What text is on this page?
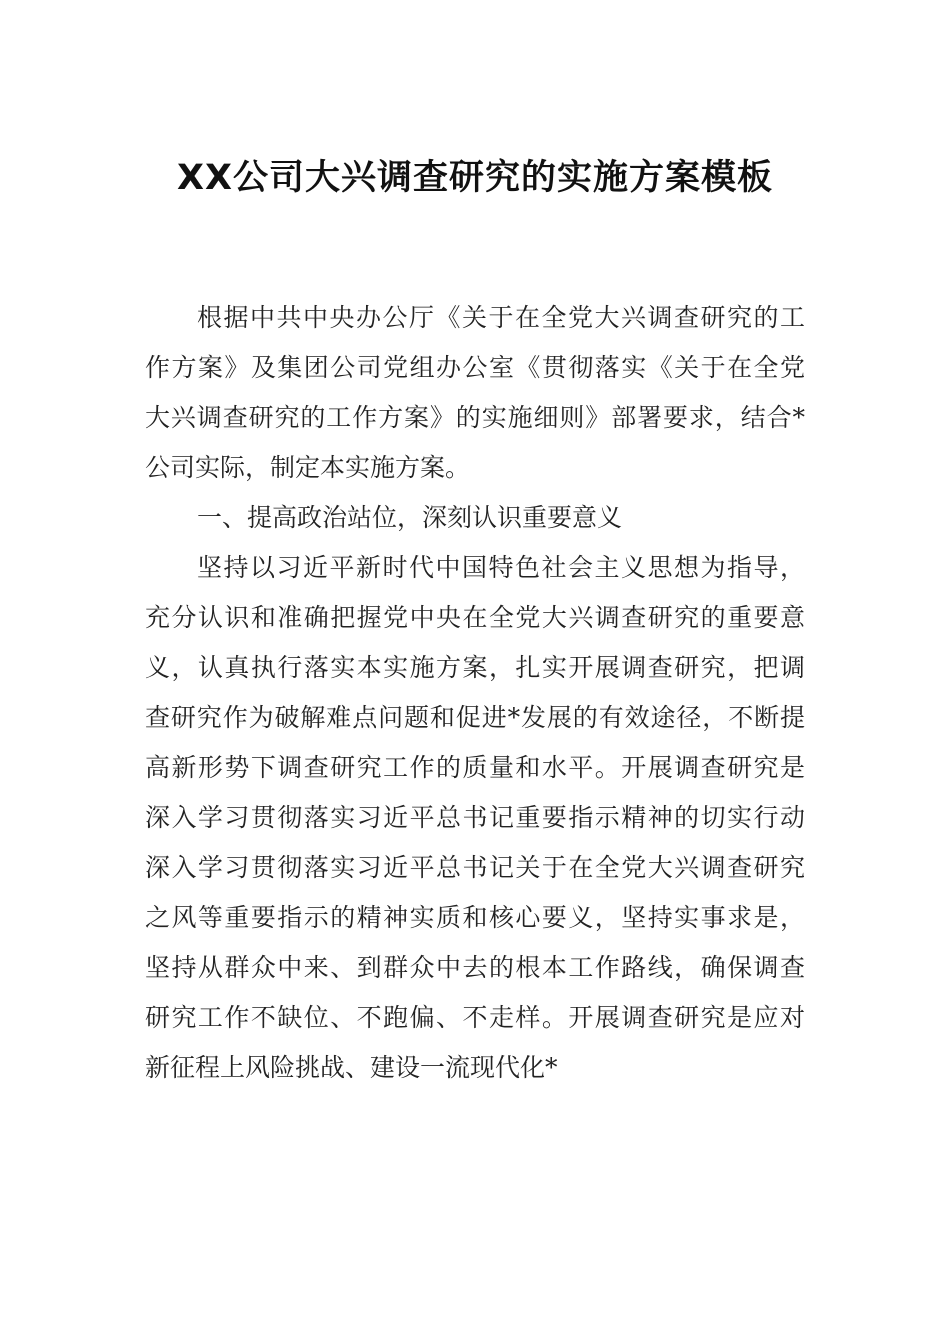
XX公司大兴调查研究的实施方案模板
根据中共中央办公厅《关于在全党大兴调查研究的工
作方案》及集团公司党组办公室《贯彻落实《关于在全党
大兴调查研究的工作方案》的实施细则》部署要求，结合*
公司实际，制定本实施方案。
一、提高政治站位，深刻认识重要意义
坚持以习近平新时代中国特色社会主义思想为指导，
充分认识和准确把握党中央在全党大兴调查研究的重要意
义，认真执行落实本实施方案，扎实开展调查研究，把调
查研究作为破解难点问题和促进*发展的有效途径，不断提
高新形势下调查研究工作的质量和水平。开展调查研究是
深入学习贯彻落实习近平总书记重要指示精神的切实行动
深入学习贯彻落实习近平总书记关于在全党大兴调查研究
之风等重要指示的精神实质和核心要义，坚持实事求是，
坚持从群众中来、到群众中去的根本工作路线，确保调查
研究工作不缺位、不跑偏、不走样。开展调查研究是应对
新征程上风险挑战、建设一流现代化*
